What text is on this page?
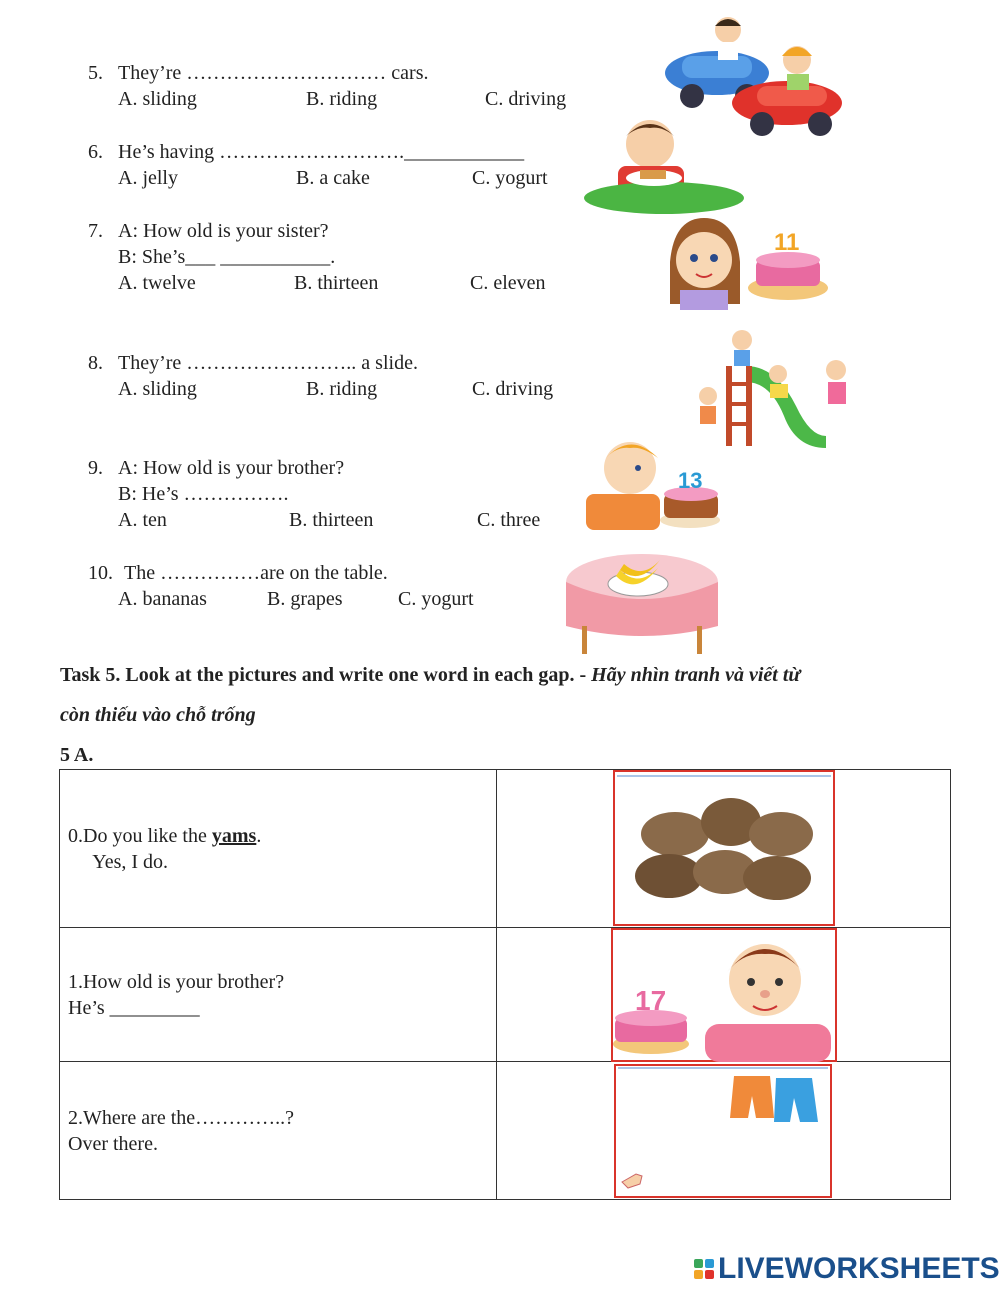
5. They’re ………………………… cars.
A. sliding	B. riding	C. driving
6. He’s having ……………………….____________
A. jelly	B. a cake	C. yogurt
7. A: How old is your sister?
B: She’s___ ___________.
A. twelve	B. thirteen	C. eleven
8. They’re …………………….. a slide.
A. sliding	B. riding	C. driving
9. A: How old is your brother?
B: He’s …………….
A. ten	B. thirteen	C. three
10. The ……………are on the table.
A. bananas	B. grapes	C. yogurt
11
13
Task 5. Look at the pictures and write one word in each gap. - Hãy nhìn tranh và viết từ
còn thiếu vào chỗ trống
5 A.
0.Do you like the yams.
Yes, I do.

1.How old is your brother?
He’s _________	17

2.Where are the…………..?
Over there.

LIVEWORKSHEETS
